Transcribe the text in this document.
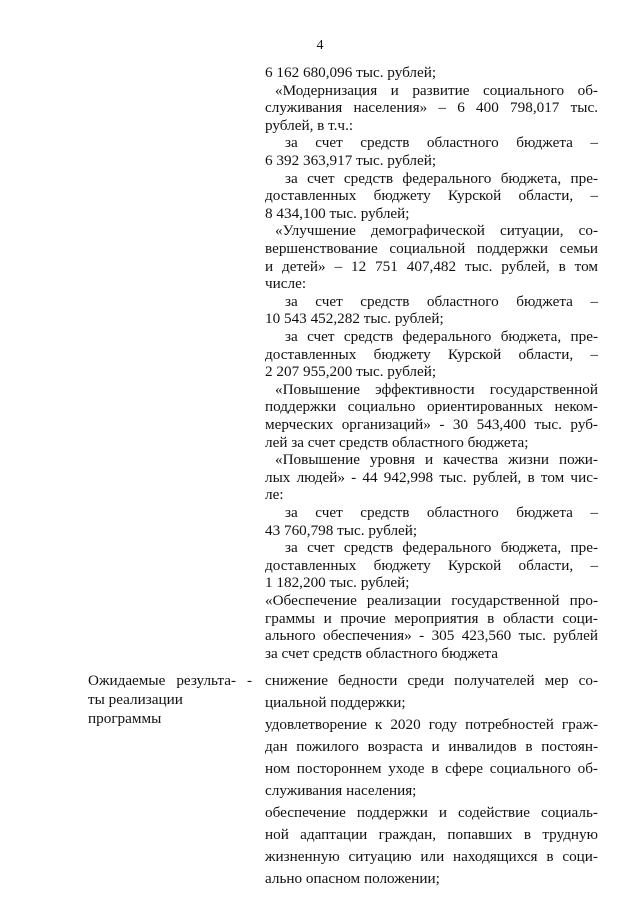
4
6 162 680,096 тыс. рублей;
«Модернизация и развитие социального об-
служивания населения» – 6 400 798,017 тыс.
рублей, в т.ч.:
за счет средств областного бюджета –
6 392 363,917 тыс. рублей;
за счет средств федерального бюджета, пре-
доставленных бюджету Курской области, –
8 434,100 тыс. рублей;
«Улучшение демографической ситуации, со-
вершенствование социальной поддержки семьи
и детей» – 12 751 407,482 тыс. рублей, в том
числе:
за счет средств областного бюджета –
10 543 452,282 тыс. рублей;
за счет средств федерального бюджета, пре-
доставленных бюджету Курской области, –
2 207 955,200 тыс. рублей;
«Повышение эффективности государственной
поддержки социально ориентированных неком-
мерческих организаций» - 30 543,400 тыс. руб-
лей за счет средств областного бюджета;
«Повышение уровня и качества жизни пожи-
лых людей» - 44 942,998 тыс. рублей, в том чис-
ле:
за счет средств областного бюджета –
43 760,798 тыс. рублей;
за счет средств федерального бюджета, пре-
доставленных бюджету Курской области, –
1 182,200 тыс. рублей;
«Обеспечение реализации государственной про-
граммы и прочие мероприятия в области соци-
ального обеспечения» - 305 423,560 тыс. рублей
за счет средств областного бюджета
Ожидаемые результа-
ты реализации
программы
- снижение бедности среди получателей мер со-
циальной поддержки;
удовлетворение к 2020 году потребностей граж-
дан пожилого возраста и инвалидов в постоян-
ном постороннем уходе в сфере социального об-
служивания населения;
обеспечение поддержки и содействие социаль-
ной адаптации граждан, попавших в трудную
жизненную ситуацию или находящихся в соци-
ально опасном положении;
